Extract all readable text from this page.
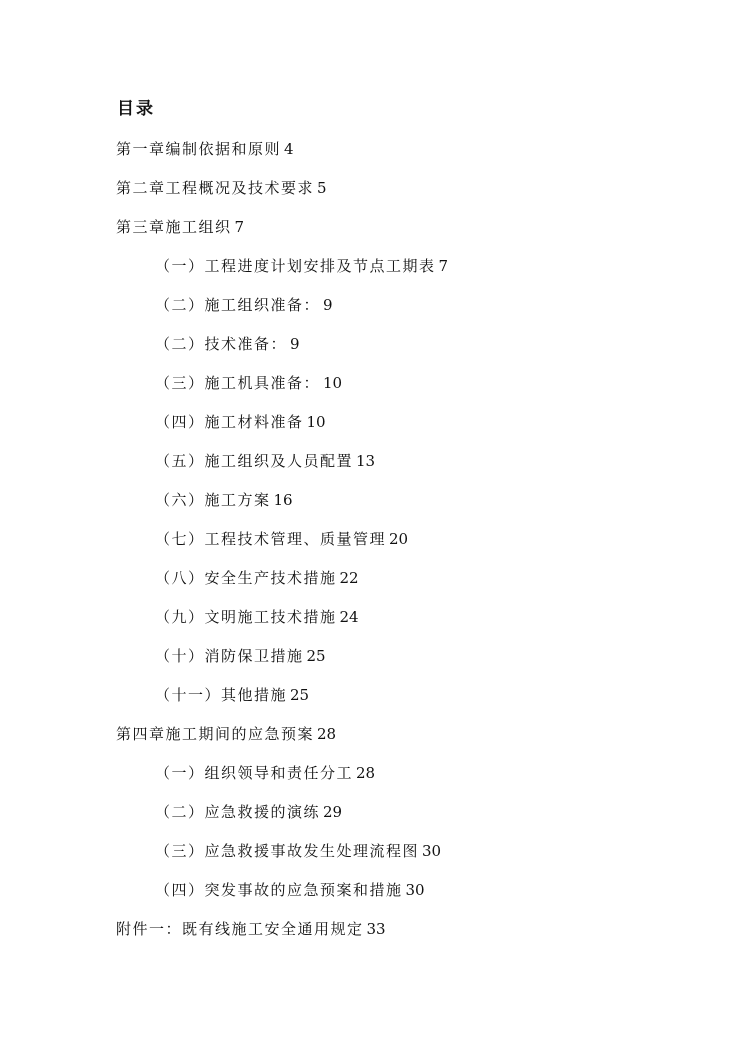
目录
第一章编制依据和原则 4
第二章工程概况及技术要求 5
第三章施工组织 7
（一）工程进度计划安排及节点工期表 7
（二）施工组织准备： 9
（二）技术准备： 9
（三）施工机具准备： 10
（四）施工材料准备 10
（五）施工组织及人员配置 13
（六）施工方案 16
（七）工程技术管理、质量管理 20
（八）安全生产技术措施 22
（九）文明施工技术措施 24
（十）消防保卫措施 25
（十一）其他措施 25
第四章施工期间的应急预案 28
（一）组织领导和责任分工 28
（二）应急救援的演练 29
（三）应急救援事故发生处理流程图 30
（四）突发事故的应急预案和措施 30
附件一：既有线施工安全通用规定 33
